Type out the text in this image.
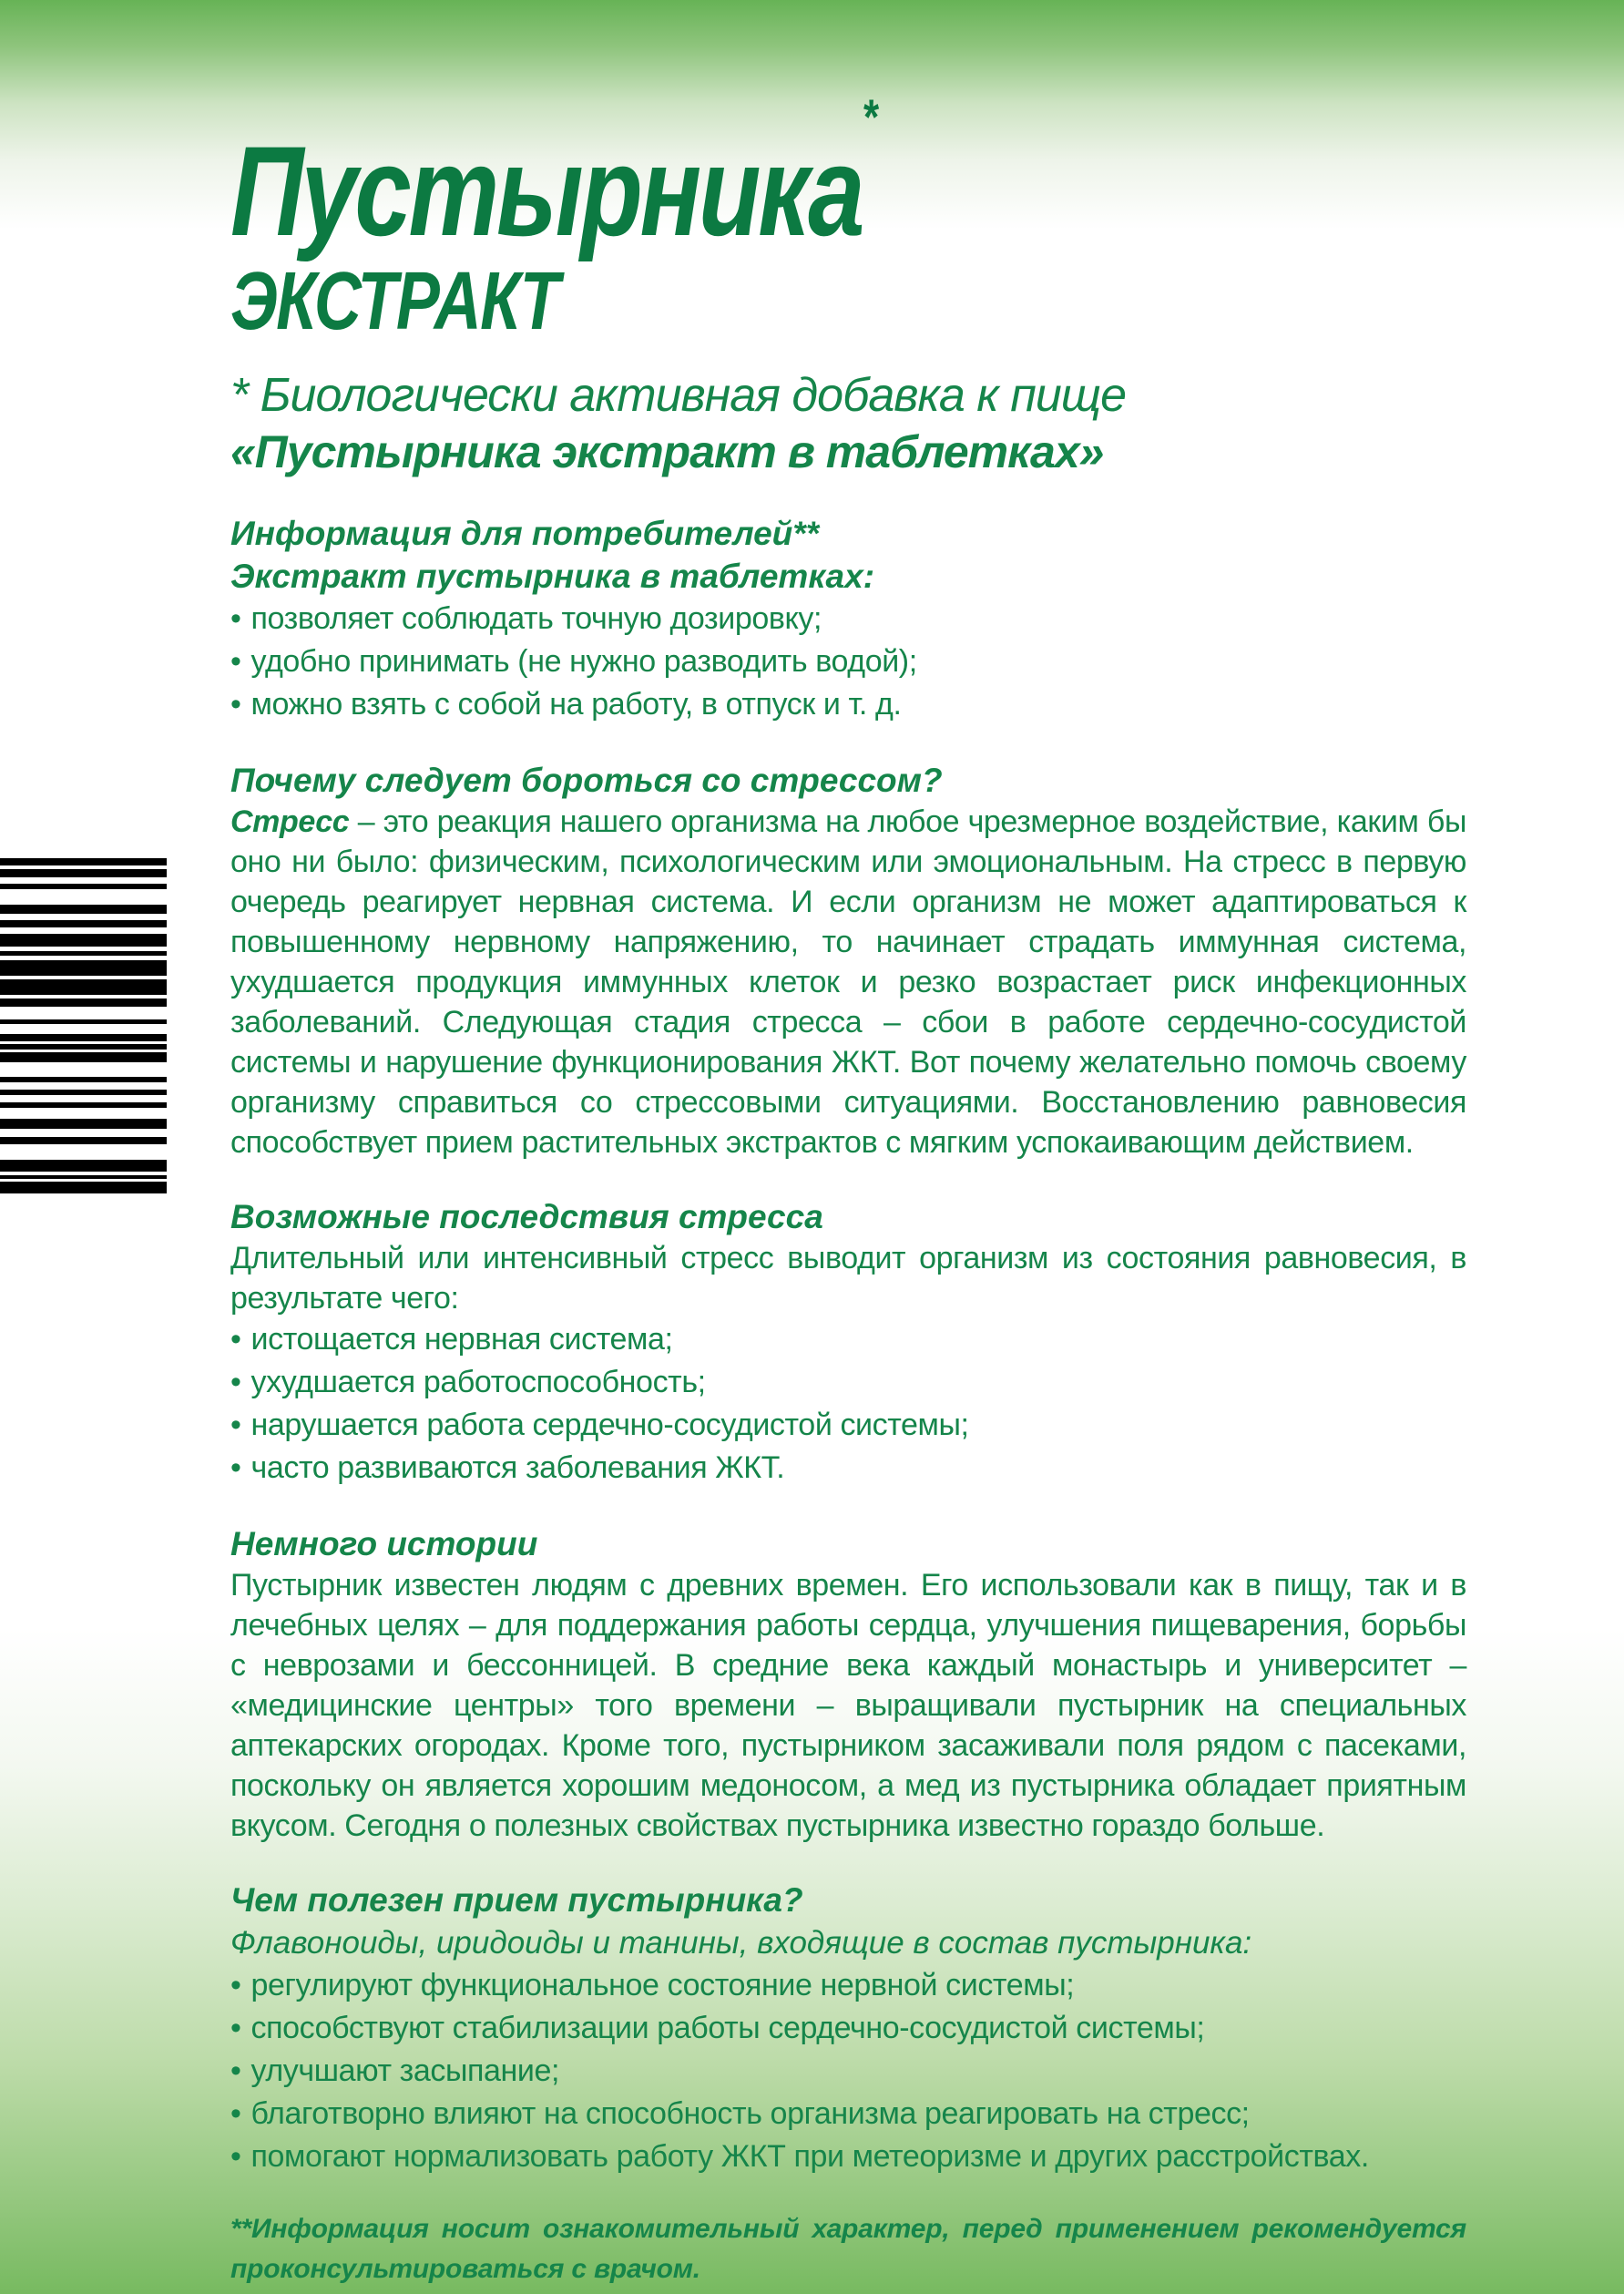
Пустырника*
ЭКСТРАКТ
* Биологически активная добавка к пище
«Пустырника экстракт в таблетках»
Информация для потребителей**
Экстракт пустырника в таблетках:
• позволяет соблюдать точную дозировку;
• удобно принимать (не нужно разводить водой);
• можно взять с собой на работу, в отпуск и т. д.
Почему следует бороться со стрессом?

Стресс – это реакция нашего организма на любое чрезмерное воздействие, каким бы оно ни было: физическим, психологическим или эмоциональным. На стресс в первую очередь реагирует нервная система. И если организм не может адаптироваться к повышенному нервному напряжению, то начинает страдать иммунная система, ухудшается продукция иммунных клеток и резко возрастает риск инфекционных заболеваний. Следующая стадия стресса – сбои в работе сердечно-сосудистой системы и нарушение функционирования ЖКТ. Вот почему желательно помочь своему организму справиться со стрессовыми ситуациями. Восстановлению равновесия способствует прием растительных экстрактов с мягким успокаивающим действием.

Возможные последствия стресса

Длительный или интенсивный стресс выводит организм из состояния равновесия, в результате чего:

• истощается нервная система;
• ухудшается работоспособность;
• нарушается работа сердечно-сосудистой системы;
• часто развиваются заболевания ЖКТ.
Немного истории

Пустырник известен людям с древних времен. Его использовали как в пищу, так и в лечебных целях – для поддержания работы сердца, улучшения пищеварения, борьбы с неврозами и бессонницей. В средние века каждый монастырь и университет – «медицинские центры» того времени – выращивали пустырник на специальных аптекарских огородах. Кроме того, пустырником засаживали поля рядом с пасеками, поскольку он является хорошим медоносом, а мед из пустырника обладает приятным вкусом. Сегодня о полезных свойствах пустырника известно гораздо больше.

Чем полезен прием пустырника?
Флавоноиды, иридоиды и танины, входящие в состав пустырника:
• регулируют функциональное состояние нервной системы;
• способствуют стабилизации работы сердечно-сосудистой системы;
• улучшают засыпание;
• благотворно влияют на способность организма реагировать на стресс;
• помогают нормализовать работу ЖКТ при метеоризме и других расстройствах.
**Информация носит ознакомительный характер, перед применением рекомендуется проконсультироваться с врачом.
